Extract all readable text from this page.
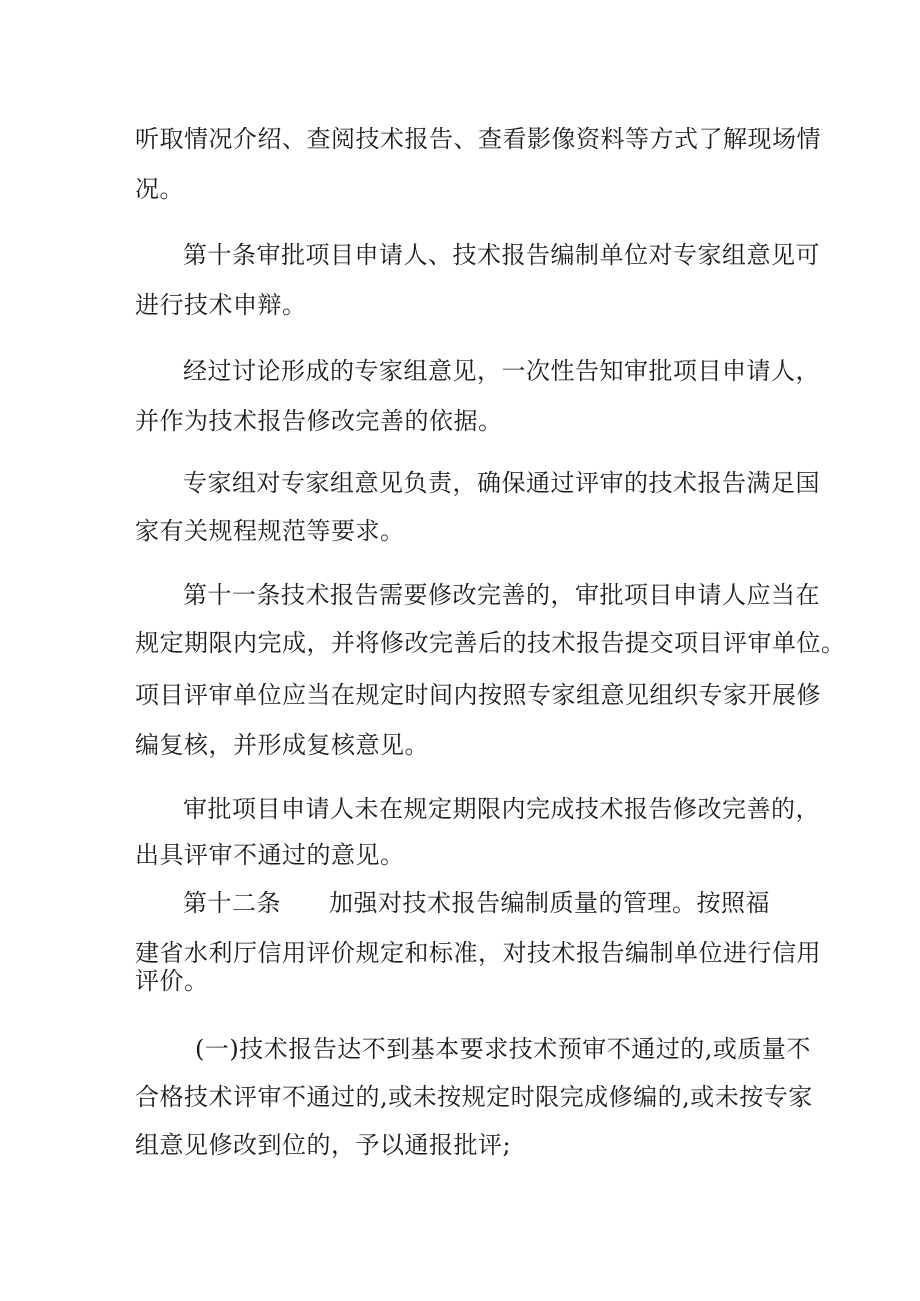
听取情况介绍、查阅技术报告、查看影像资料等方式了解现场情
况。
第十条审批项目申请人、技术报告编制单位对专家组意见可
进行技术申辩。
经过讨论形成的专家组意见，一次性告知审批项目申请人，
并作为技术报告修改完善的依据。
专家组对专家组意见负责，确保通过评审的技术报告满足国
家有关规程规范等要求。
第十一条技术报告需要修改完善的，审批项目申请人应当在
规定期限内完成，并将修改完善后的技术报告提交项目评审单位。
项目评审单位应当在规定时间内按照专家组意见组织专家开展修
编复核，并形成复核意见。
审批项目申请人未在规定期限内完成技术报告修改完善的，
出具评审不通过的意见。
第十二条 加强对技术报告编制质量的管理。按照福
建省水利厅信用评价规定和标准，对技术报告编制单位进行信用
评价。
(一)技术报告达不到基本要求技术预审不通过的,或质量不
合格技术评审不通过的,或未按规定时限完成修编的,或未按专家
组意见修改到位的，予以通报批评;
